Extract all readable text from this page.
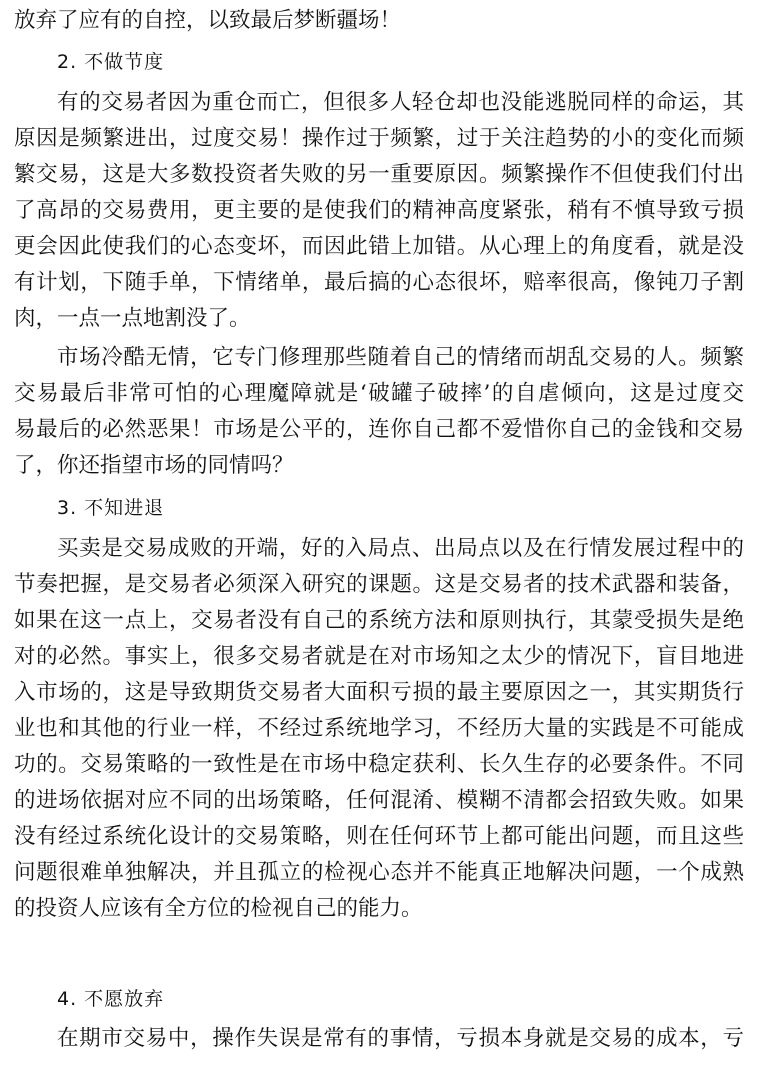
放弃了应有的自控，以致最后梦断疆场！
2. 不做节度
有的交易者因为重仓而亡，但很多人轻仓却也没能逃脱同样的命运，其
原因是频繁进出，过度交易！操作过于频繁，过于关注趋势的小的变化而频
繁交易，这是大多数投资者失败的另一重要原因。频繁操作不但使我们付出
了高昂的交易费用，更主要的是使我们的精神高度紧张，稍有不慎导致亏损
更会因此使我们的心态变坏，而因此错上加错。从心理上的角度看，就是没
有计划，下随手单，下情绪单，最后搞的心态很坏，赔率很高，像钝刀子割
肉，一点一点地割没了。
市场冷酷无情，它专门修理那些随着自己的情绪而胡乱交易的人。频繁
交易最后非常可怕的心理魔障就是‘破罐子破摔’的自虐倾向，这是过度交
易最后的必然恶果！市场是公平的，连你自己都不爱惜你自己的金钱和交易
了，你还指望市场的同情吗？
3. 不知进退
买卖是交易成败的开端，好的入局点、出局点以及在行情发展过程中的
节奏把握，是交易者必须深入研究的课题。这是交易者的技术武器和装备，
如果在这一点上，交易者没有自己的系统方法和原则执行，其蒙受损失是绝
对的必然。事实上，很多交易者就是在对市场知之太少的情况下，盲目地进
入市场的，这是导致期货交易者大面积亏损的最主要原因之一，其实期货行
业也和其他的行业一样，不经过系统地学习，不经历大量的实践是不可能成
功的。交易策略的一致性是在市场中稳定获利、长久生存的必要条件。不同
的进场依据对应不同的出场策略，任何混淆、模糊不清都会招致失败。如果
没有经过系统化设计的交易策略，则在任何环节上都可能出问题，而且这些
问题很难单独解决，并且孤立的检视心态并不能真正地解决问题，一个成熟
的投资人应该有全方位的检视自己的能力。
4. 不愿放弃
在期市交易中，操作失误是常有的事情，亏损本身就是交易的成本，亏
